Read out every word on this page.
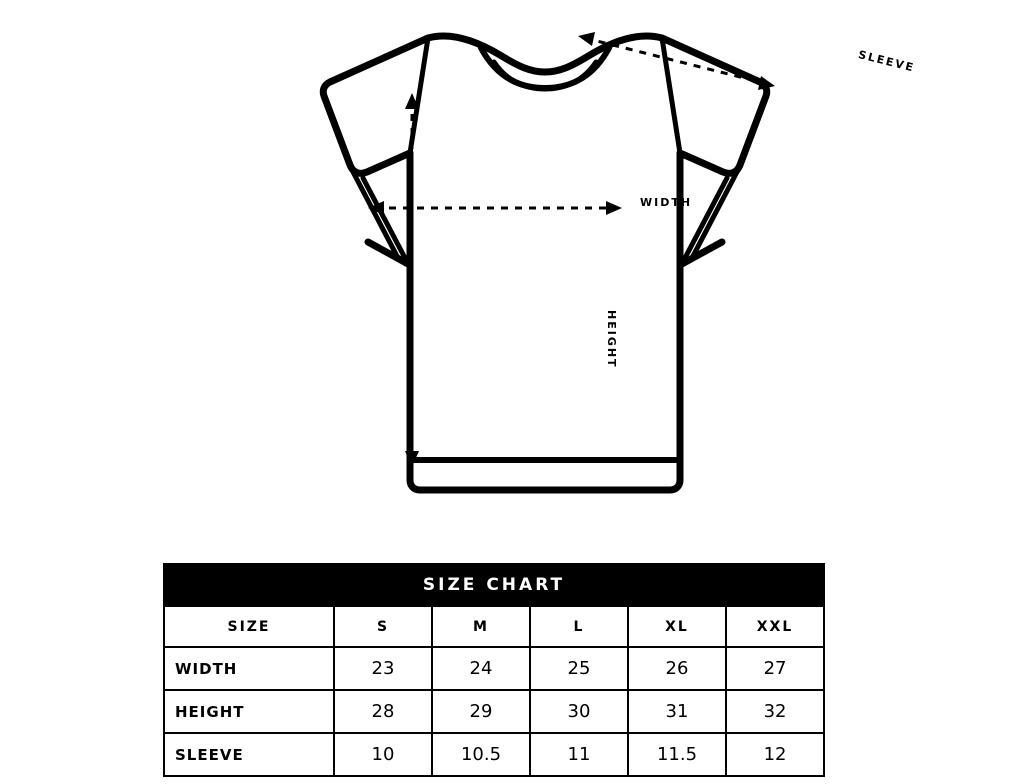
WIDTH
HEIGHT
SLEEVE
SIZE CHART					
SIZE	S	M	L	XL	XXL
WIDTH	23	24	25	26	27
HEIGHT	28	29	30	31	32
SLEEVE	10	10.5	11	11.5	12
